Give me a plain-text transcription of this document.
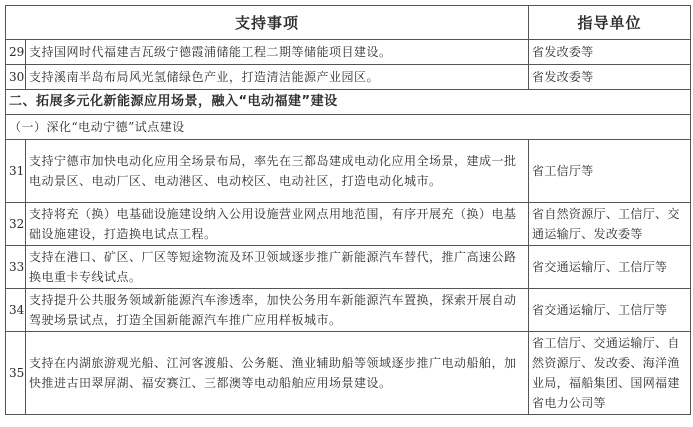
支持事项		指导单位
29	支持国网时代福建吉瓦级宁德霞浦储能工程二期等储能项目建设。	省发改委等
30	支持溪南半岛布局风光氢储绿色产业，打造清洁能源产业园区。	省发改委等
二、拓展多元化新能源应用场景，融入“电动福建”建设		
（一）深化“电动宁德”试点建设		
31	支持宁德市加快电动化应用全场景布局，率先在三都岛建成电动化应用全场景，建成一批电动景区、电动厂区、电动港区、电动校区、电动社区，打造电动化城市。	省工信厅等
32	支持将充（换）电基础设施建设纳入公用设施营业网点用地范围，有序开展充（换）电基础设施建设，打造换电试点工程。	省自然资源厅、工信厅、交通运输厅、发改委等
33	支持在港口、矿区、厂区等短途物流及环卫领域逐步推广新能源汽车替代，推广高速公路换电重卡专线试点。	省交通运输厅、工信厅等
34	支持提升公共服务领域新能源汽车渗透率，加快公务用车新能源汽车置换，探索开展自动驾驶场景试点，打造全国新能源汽车推广应用样板城市。	省交通运输厅、工信厅等
35	支持在内湖旅游观光船、江河客渡船、公务艇、渔业辅助船等领域逐步推广电动船舶，加快推进古田翠屏湖、福安赛江、三都澳等电动船舶应用场景建设。	省工信厅、交通运输厅、自然资源厅、发改委、海洋渔业局，福船集团、国网福建省电力公司等
